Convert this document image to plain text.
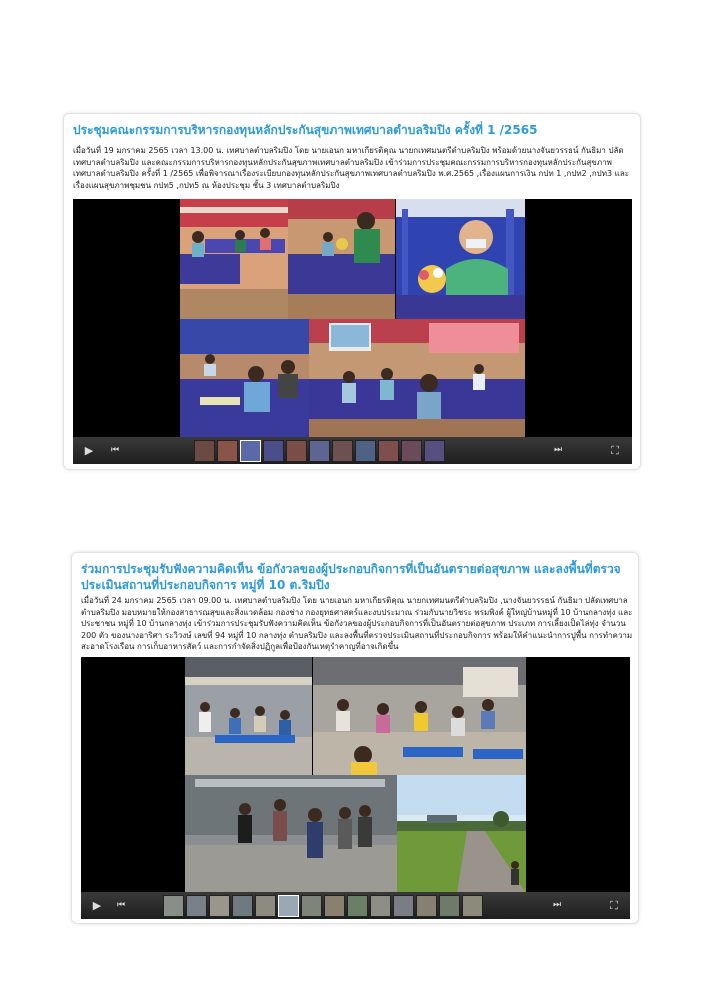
ประชุมคณะกรรมการบริหารกองทุนหลักประกันสุขภาพเทศบาลตำบลริมปิง ครั้งที่ 1 /2565

เมื่อวันที่ 19 มกราคม 2565 เวลา 13.00 น. เทศบาลตำบลริมปิง โดย นายเอนก มหาเกียรติคุณ นายกเทศมนตรีตำบลริมปิง พร้อมด้วยนางจันยวรรธน์ กันธิมา ปลัดเทศบาลตำบลริมปิง และคณะกรรมการบริหารกองทุนหลักประกันสุขภาพเทศบาลตำบลริมปิง เข้าร่วมการประชุมคณะกรรมการบริหารกองทุนหลักประกันสุขภาพเทศบาลตำบลริมปิง ครั้งที่ 1 /2565 เพื่อพิจารณาเรื่องระเบียบกองทุนหลักประกันสุขภาพเทศบาลตำบลริมปิง พ.ศ.2565 ,เรื่องแผนการเงิน กปท 1 ,กปท2 ,กปท3 และเรื่องแผนสุขภาพชุมชน กปท5 ,กปท5 ณ ห้องประชุม ชั้น 3 เทศบาลตำบลริมปิง

▶	⏮	⏭	⛶
ร่วมการประชุมรับฟังความคิดเห็น ข้อกังวลของผู้ประกอบกิจการที่เป็นอันตรายต่อสุขภาพ และลงพื้นที่ตรวจประเมินสถานที่ประกอบกิจการ หมู่ที่ 10 ต.ริมปิง

เมื่อวันที่ 24 มกราคม 2565 เวลา 09.00 น. เทศบาลตำบลริมปิง โดย นายเอนก มหาเกียรติคุณ นายกเทศมนตรีตำบลริมปิง ,นางจันยวรรธน์ กันธิมา ปลัดเทศบาลตำบลริมปิง มอบหมายให้กองสาธารณสุขและสิ่งแวดล้อม กองช่าง กองยุทธศาสตร์และงบประมาณ ร่วมกับนายวิชระ พรมพิงค์ ผู้ใหญ่บ้านหมู่ที่ 10 บ้านกลางทุ่ง และประชาชน หมู่ที่ 10 บ้านกลางทุ่ง เข้าร่วมการประชุมรับฟังความคิดเห็น ข้อกังวลของผู้ประกอบกิจการที่เป็นอันตรายต่อสุขภาพ ประเภท การเลี้ยงเป็ดไล่ทุ่ง จำนวน 200 ตัว ของนางอาริศา ระวิวงษ์ เลขที่ 94 หมู่ที่ 10 กลางทุ่ง ตำบลริมปิง และลงพื้นที่ตรวจประเมินสถานที่ประกอบกิจการ พร้อมให้คำแนะนำการปูพื้น การทำความสะอาดโรงเรือน การเก็บอาหารสัตว์ และการกำจัดสิ่งปฏิกูลเพื่อป้องกันเหตุรำคาญที่อาจเกิดขึ้น

▶	⏮	⏭	⛶
